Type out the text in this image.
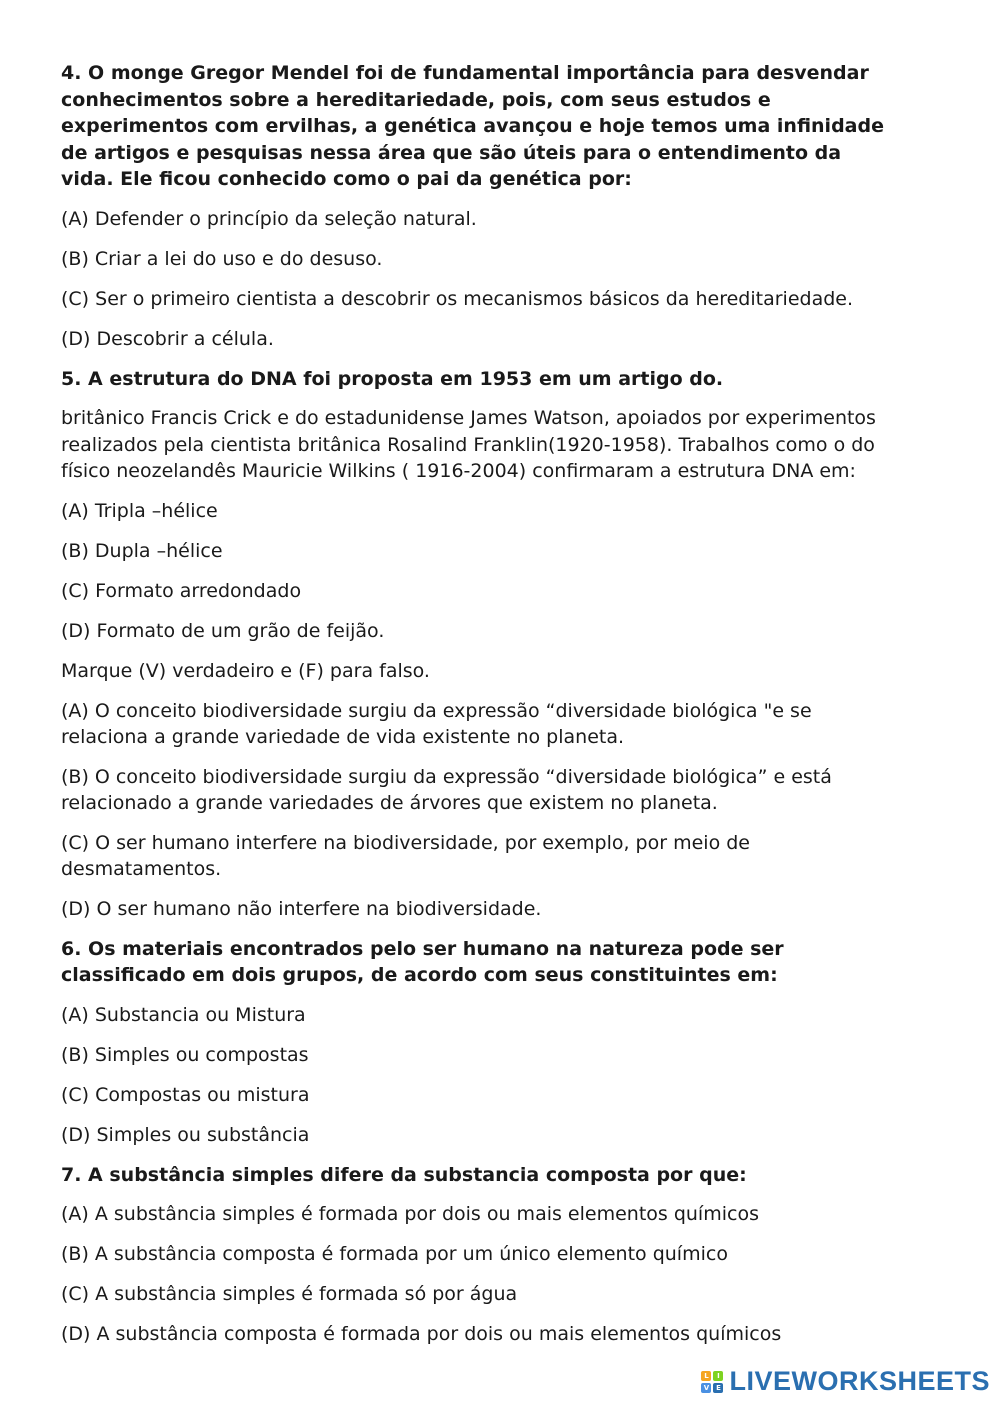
4. O monge Gregor Mendel foi de fundamental importância para desvendar
conhecimentos sobre a hereditariedade, pois, com seus estudos e
experimentos com ervilhas, a genética avançou e hoje temos uma infinidade
de artigos e pesquisas nessa área que são úteis para o entendimento da
vida. Ele ficou conhecido como o pai da genética por:
(A) Defender o princípio da seleção natural.
(B) Criar a lei do uso e do desuso.
(C) Ser o primeiro cientista a descobrir os mecanismos básicos da hereditariedade.
(D) Descobrir a célula.
5. A estrutura do DNA foi proposta em 1953 em um artigo do.
britânico Francis Crick e do estadunidense James Watson, apoiados por experimentos
realizados pela cientista britânica Rosalind Franklin(1920-1958). Trabalhos como o do
físico neozelandês Mauricie Wilkins ( 1916-2004) confirmaram a estrutura DNA em:
(A) Tripla –hélice
(B) Dupla –hélice
(C) Formato arredondado
(D) Formato de um grão de feijão.
Marque (V) verdadeiro e (F) para falso.
(A) O conceito biodiversidade surgiu da expressão “diversidade biológica "e se
relaciona a grande variedade de vida existente no planeta.
(B) O conceito biodiversidade surgiu da expressão “diversidade biológica” e está
relacionado a grande variedades de árvores que existem no planeta.
(C) O ser humano interfere na biodiversidade, por exemplo, por meio de
desmatamentos.
(D) O ser humano não interfere na biodiversidade.
6. Os materiais encontrados pelo ser humano na natureza pode ser
classificado em dois grupos, de acordo com seus constituintes em:
(A) Substancia ou Mistura
(B) Simples ou compostas
(C) Compostas ou mistura
(D) Simples ou substância
7. A substância simples difere da substancia composta por que:
(A) A substância simples é formada por dois ou mais elementos químicos
(B) A substância composta é formada por um único elemento químico
(C) A substância simples é formada só por água
(D) A substância composta é formada por dois ou mais elementos químicos
L	I
V E LIVEWORKSHEETS
